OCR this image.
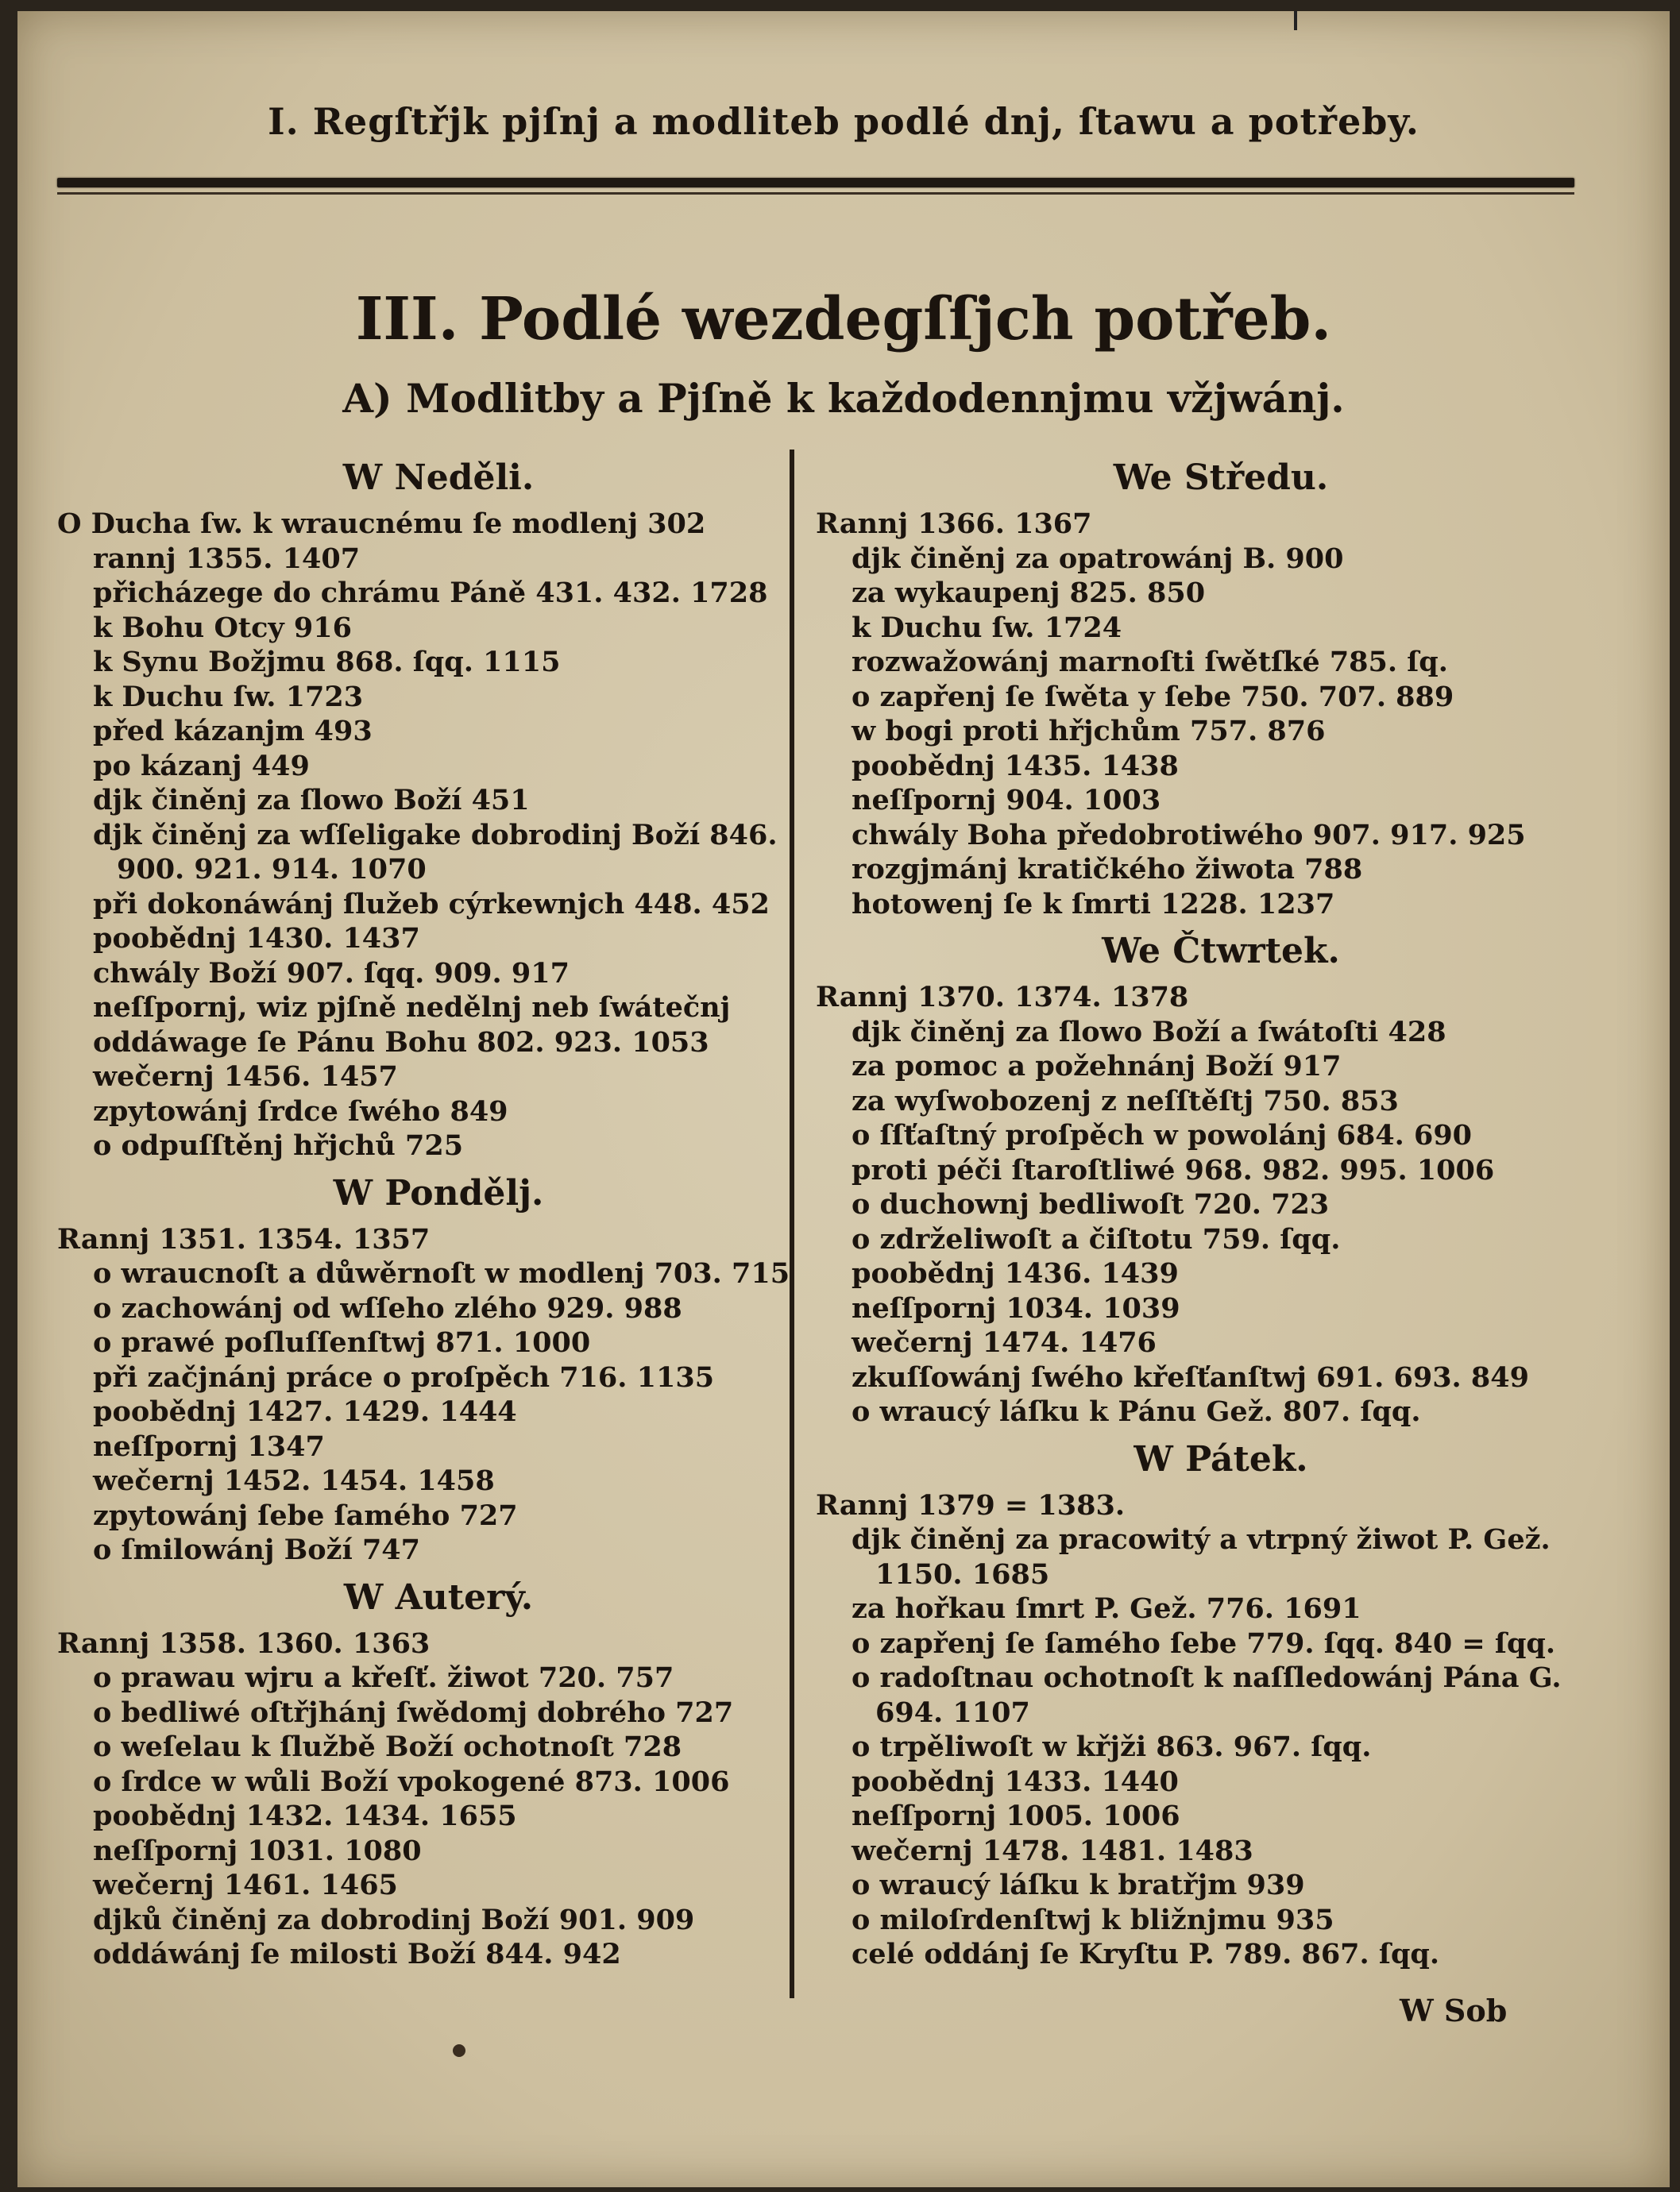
I. Regſtřjk pjſnj a modliteb podlé dnj, ſtawu a potřeby.
III. Podlé wezdegſſjch potřeb.
A) Modlitby a Pjſně k každodennjmu vžjwánj.
W Neděli.
O Ducha ſw. k wraucnému ſe modlenj 302
rannj 1355. 1407
přicházege do chrámu Páně 431. 432. 1728
k Bohu Otcy 916
k Synu Božjmu 868. ſqq. 1115
k Duchu ſw. 1723
před kázanjm 493
po kázanj 449
djk činěnj za ſlowo Boží 451
djk činěnj za wſſeligake dobrodinj Boží 846.
900. 921. 914. 1070
při dokonáwánj ſlužeb cýrkewnjch 448. 452
poobědnj 1430. 1437
chwály Boží 907. ſqq. 909. 917
neſſpornj, wiz pjſně nedělnj neb ſwátečnj
oddáwage ſe Pánu Bohu 802. 923. 1053
wečernj 1456. 1457
zpytowánj ſrdce ſwého 849
o odpuſſtěnj hřjchů 725
W Pondělj.
Rannj 1351. 1354. 1357
o wraucnoſt a důwěrnoſt w modlenj 703. 715
o zachowánj od wſſeho zlého 929. 988
o prawé poſluſſenſtwj 871. 1000
při začjnánj práce o proſpěch 716. 1135
poobědnj 1427. 1429. 1444
neſſpornj 1347
wečernj 1452. 1454. 1458
zpytowánj ſebe ſamého 727
o ſmilowánj Boží 747
W Auterý.
Rannj 1358. 1360. 1363
o prawau wjru a křeſť. žiwot 720. 757
o bedliwé oſtřjhánj ſwědomj dobrého 727
o weſelau k ſlužbě Boží ochotnoſt 728
o ſrdce w wůli Boží vpokogené 873. 1006
poobědnj 1432. 1434. 1655
neſſpornj 1031. 1080
wečernj 1461. 1465
djků činěnj za dobrodinj Boží 901. 909
oddáwánj ſe milosti Boží 844. 942
We Středu.
Rannj 1366. 1367
djk činěnj za opatrowánj B. 900
za wykaupenj 825. 850
k Duchu ſw. 1724
rozwažowánj marnoſti ſwětſké 785. ſq.
o zapřenj ſe ſwěta y ſebe 750. 707. 889
w bogi proti hřjchům 757. 876
poobědnj 1435. 1438
neſſpornj 904. 1003
chwály Boha předobrotiwého 907. 917. 925
rozgjmánj kratičkého žiwota 788
hotowenj ſe k ſmrti 1228. 1237
We Čtwrtek.
Rannj 1370. 1374. 1378
djk činěnj za ſlowo Boží a ſwátoſti 428
za pomoc a požehnánj Boží 917
za wyſwobozenj z neſſtěſtj 750. 853
o ſſťaſtný proſpěch w powolánj 684. 690
proti péči ſtaroſtliwé 968. 982. 995. 1006
o duchownj bedliwoſt 720. 723
o zdrželiwoſt a čiſtotu 759. ſqq.
poobědnj 1436. 1439
neſſpornj 1034. 1039
wečernj 1474. 1476
zkuſſowánj ſwého křeſťanſtwj 691. 693. 849
o wraucý láſku k Pánu Gež. 807. ſqq.
W Pátek.
Rannj 1379 = 1383.
djk činěnj za pracowitý a vtrpný žiwot P. Gež.
1150. 1685
za hořkau ſmrt P. Gež. 776. 1691
o zapřenj ſe ſamého ſebe 779. ſqq. 840 = ſqq.
o radoſtnau ochotnoſt k naſſledowánj Pána G.
694. 1107
o trpěliwoſt w křjži 863. 967. ſqq.
poobědnj 1433. 1440
neſſpornj 1005. 1006
wečernj 1478. 1481. 1483
o wraucý láſku k bratřjm 939
o miloſrdenſtwj k bližnjmu 935
celé oddánj ſe Kryſtu P. 789. 867. ſqq.
W Sob
